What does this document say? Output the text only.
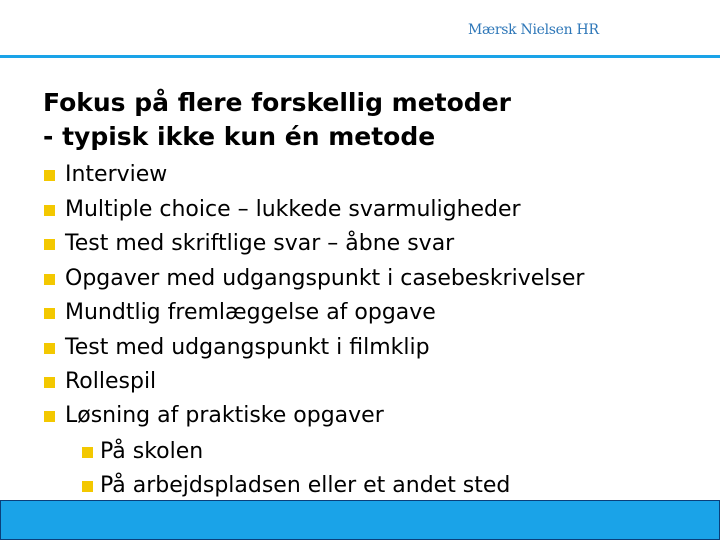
Mærsk Nielsen HR
Fokus på flere forskellig metoder
- typisk ikke kun én metode
Interview
Multiple choice – lukkede svarmuligheder
Test med skriftlige svar – åbne svar
Opgaver med udgangspunkt i casebeskrivelser
Mundtlig fremlæggelse af opgave
Test med udgangspunkt i filmklip
Rollespil
Løsning af praktiske opgaver
På skolen
På arbejdspladsen eller et andet sted
